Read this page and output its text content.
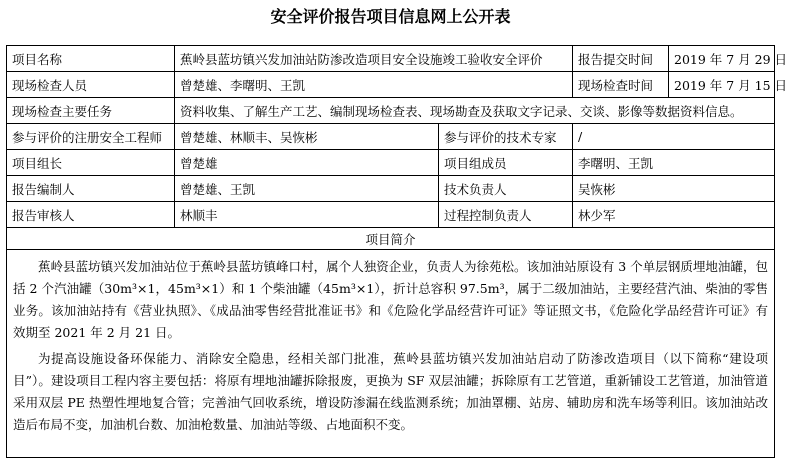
安全评价报告项目信息网上公开表
项目名称	蕉岭县蓝坊镇兴发加油站防渗改造项目安全设施竣工验收安全评价		报告提交时间	2019 年 7 月 29 日
现场检查人员	曾楚雄、李曙明、王凯		现场检查时间	2019 年 7 月 15 日
现场检查主要任务	资料收集、了解生产工艺、编制现场检查表、现场勘查及获取文字记录、交谈、影像等数据资料信息。			
参与评价的注册安全工程师	曾楚雄、林顺丰、吴恢彬	参与评价的技术专家	/	
项目组长	曾楚雄	项目组成员	李曙明、王凯	
报告编制人	曾楚雄、王凯	技术负责人	吴恢彬	
报告审核人	林顺丰	过程控制负责人	林少军	
项目简介				

蕉岭县蓝坊镇兴发加油站位于蕉岭县蓝坊镇峰口村，属个人独资企业，负责人为徐苑松。该加油站原设有 3 个单层钢质埋地油罐，包括 2 个汽油罐（30m³×1，45m³×1）和 1 个柴油罐（45m³×1），折计总容积 97.5m³，属于二级加油站，主要经营汽油、柴油的零售业务。该加油站持有《营业执照》、《成品油零售经营批准证书》和《危险化学品经营许可证》等证照文书，《危险化学品经营许可证》有效期至 2021 年 2 月 21 日。

为提高设施设备环保能力、消除安全隐患，经相关部门批准，蕉岭县蓝坊镇兴发加油站启动了防渗改造项目（以下简称“建设项目”）。建设项目工程内容主要包括：将原有埋地油罐拆除报废，更换为 SF 双层油罐；拆除原有工艺管道，重新铺设工艺管道，加油管道采用双层 PE 热塑性埋地复合管；完善油气回收系统，增设防渗漏在线监测系统；加油罩棚、站房、辅助房和洗车场等利旧。该加油站改造后布局不变，加油机台数、加油枪数量、加油站等级、占地面积不变。				
